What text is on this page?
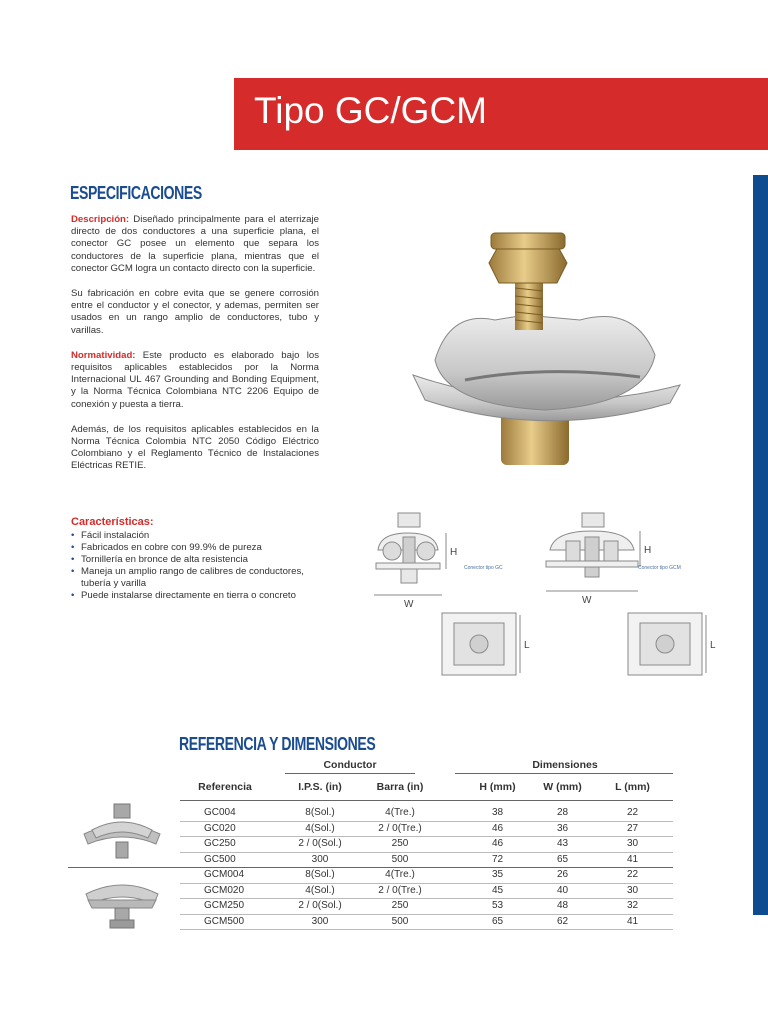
Tipo GC/GCM
ESPECIFICACIONES

Descripción: Diseñado principalmente para el aterrizaje directo de dos conductores a una superficie plana, el conector GC posee un elemento que separa los conductores de la superficie plana, mientras que el conector GCM logra un contacto directo con la superficie.

Su fabricación en cobre evita que se genere corrosión entre el conductor y el conector, y ademas, permiten ser usados en un rango amplio de conductores, tubo y varillas.

Normatividad: Este producto es elaborado bajo los requisitos aplicables establecidos por la Norma Internacional UL 467 Grounding and Bonding Equipment, y la Norma Técnica Colombiana NTC 2206 Equipo de conexión y puesta a tierra.

Además, de los requisitos aplicables establecidos en la Norma Técnica Colombia NTC 2050 Código Eléctrico Colombiano y el Reglamento Técnico de Instalaciones Eléctricas RETIE.

Características:
• Fácil instalación
• Fabricados en cobre con 99.9% de pureza
• Tornillería en bronce de alta resistencia
• Maneja un amplio rango de calibres de conductores, tubería y varilla
• Puede instalarse directamente en tierra o concreto
H
W
Conector tipo GC
H
W
Conector tipo GCM
L	L
REFERENCIA Y DIMENSIONES
Conductor	Dimensiones
Referencia	I.P.S. (in)	Barra (in)	H (mm)	W (mm)	L (mm)
GC004	8(Sol.)	4(Tre.)	38	28	22
GC020	4(Sol.)	2 / 0(Tre.)	46	36	27
GC250	2 / 0(Sol.)	250	46	43	30
GC500	300	500	72	65	41
GCM004	8(Sol.)	4(Tre.)	35	26	22
GCM020	4(Sol.)	2 / 0(Tre.)	45	40	30
GCM250	2 / 0(Sol.)	250	53	48	32
GCM500	300	500	65	62	41
